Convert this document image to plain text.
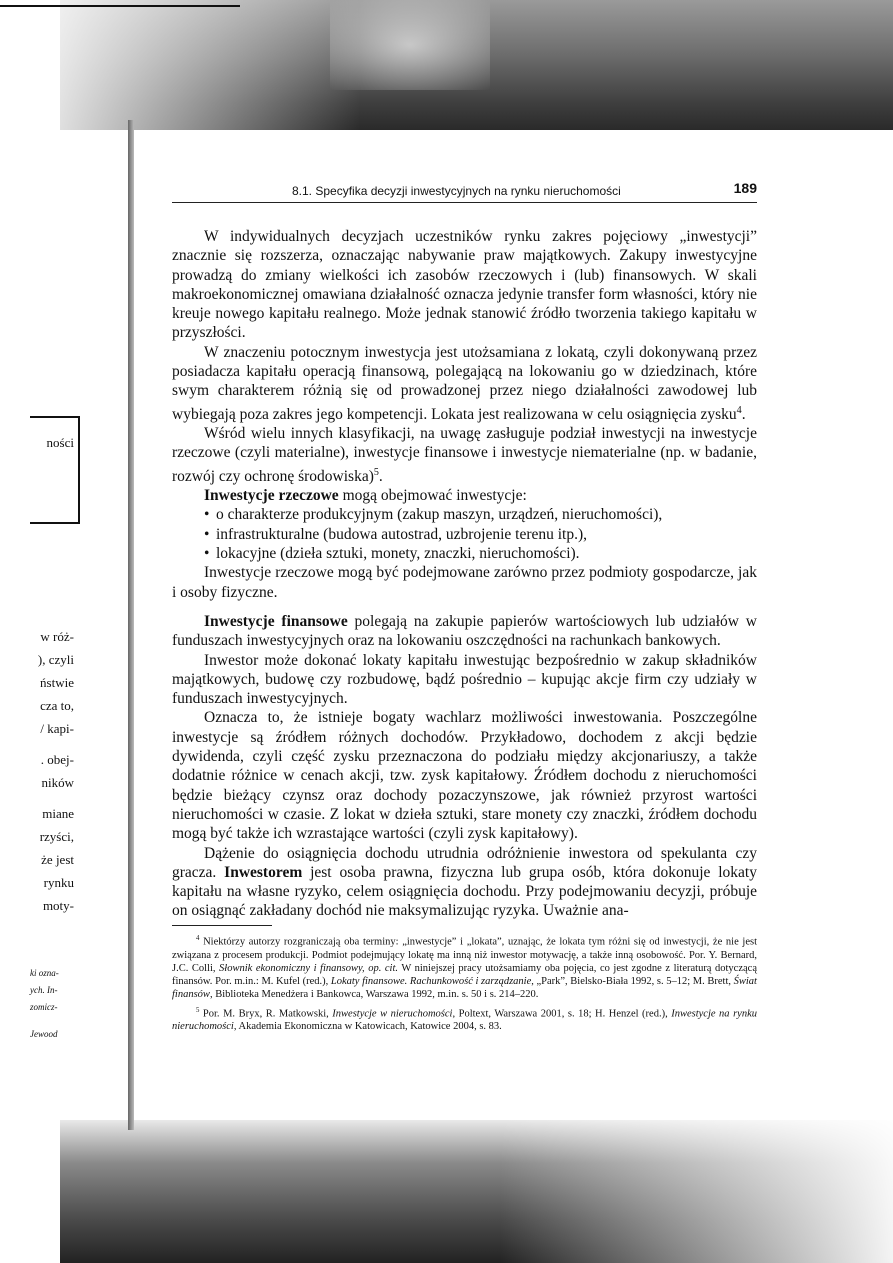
ności
w róż-
), czyli
ństwie
cza to,
/ kapi-
. obej-
ników
miane
rzyści,
że jest
rynku
moty-
ki ozna-
ych. In-
zomicz-
Jewood
8.1. Specyfika decyzji inwestycyjnych na rynku nieruchomości	189

W indywidualnych decyzjach uczestników rynku zakres pojęciowy „inwestycji” znacznie się rozszerza, oznaczając nabywanie praw majątkowych. Zakupy inwestycyjne prowadzą do zmiany wielkości ich zasobów rzeczowych i (lub) finansowych. W skali makroekonomicznej omawiana działalność oznacza jedynie transfer form własności, który nie kreuje nowego kapitału realnego. Może jednak stanowić źródło tworzenia takiego kapitału w przyszłości.

W znaczeniu potocznym inwestycja jest utożsamiana z lokatą, czyli dokonywaną przez posiadacza kapitału operacją finansową, polegającą na lokowaniu go w dziedzinach, które swym charakterem różnią się od prowadzonej przez niego działalności zawodowej lub wybiegają poza zakres jego kompetencji. Lokata jest realizowana w celu osiągnięcia zysku$^4$.

Wśród wielu innych klasyfikacji, na uwagę zasługuje podział inwestycji na inwestycje rzeczowe (czyli materialne), inwestycje finansowe i inwestycje niematerialne (np. w badanie, rozwój czy ochronę środowiska)$^5$.

Inwestycje rzeczowe mogą obejmować inwestycje:

• o charakterze produkcyjnym (zakup maszyn, urządzeń, nieruchomości),
• infrastrukturalne (budowa autostrad, uzbrojenie terenu itp.),
• lokacyjne (dzieła sztuki, monety, znaczki, nieruchomości).

Inwestycje rzeczowe mogą być podejmowane zarówno przez podmioty gospodarcze, jak i osoby fizyczne.

Inwestycje finansowe polegają na zakupie papierów wartościowych lub udziałów w funduszach inwestycyjnych oraz na lokowaniu oszczędności na rachunkach bankowych.

Inwestor może dokonać lokaty kapitału inwestując bezpośrednio w zakup składników majątkowych, budowę czy rozbudowę, bądź pośrednio – kupując akcje firm czy udziały w funduszach inwestycyjnych.

Oznacza to, że istnieje bogaty wachlarz możliwości inwestowania. Poszczególne inwestycje są źródłem różnych dochodów. Przykładowo, dochodem z akcji będzie dywidenda, czyli część zysku przeznaczona do podziału między akcjonariuszy, a także dodatnie różnice w cenach akcji, tzw. zysk kapitałowy. Źródłem dochodu z nieruchomości będzie bieżący czynsz oraz dochody pozaczynszowe, jak również przyrost wartości nieruchomości w czasie. Z lokat w dzieła sztuki, stare monety czy znaczki, źródłem dochodu mogą być także ich wzrastające wartości (czyli zysk kapitałowy).

Dążenie do osiągnięcia dochodu utrudnia odróżnienie inwestora od spekulanta czy gracza. Inwestorem jest osoba prawna, fizyczna lub grupa osób, która dokonuje lokaty kapitału na własne ryzyko, celem osiągnięcia dochodu. Przy podejmowaniu decyzji, próbuje on osiągnąć zakładany dochód nie maksymalizując ryzyka. Uważnie ana-

$^4$ Niektórzy autorzy rozgraniczają oba terminy: „inwestycje” i „lokata”, uznając, że lokata tym różni się od inwestycji, że nie jest związana z procesem produkcji. Podmiot podejmujący lokatę ma inną niż inwestor motywację, a także inną osobowość. Por. Y. Bernard, J.C. Colli, Słownik ekonomiczny i finansowy, op. cit. W niniejszej pracy utożsamiamy oba pojęcia, co jest zgodne z literaturą dotyczącą finansów. Por. m.in.: M. Kufel (red.), Lokaty finansowe. Rachunkowość i zarządzanie, „Park”, Bielsko-Biała 1992, s. 5–12; M. Brett, Świat finansów, Biblioteka Menedżera i Bankowca, Warszawa 1992, m.in. s. 50 i s. 214–220.

$^5$ Por. M. Bryx, R. Matkowski, Inwestycje w nieruchomości, Poltext, Warszawa 2001, s. 18; H. Henzel (red.), Inwestycje na rynku nieruchomości, Akademia Ekonomiczna w Katowicach, Katowice 2004, s. 83.
